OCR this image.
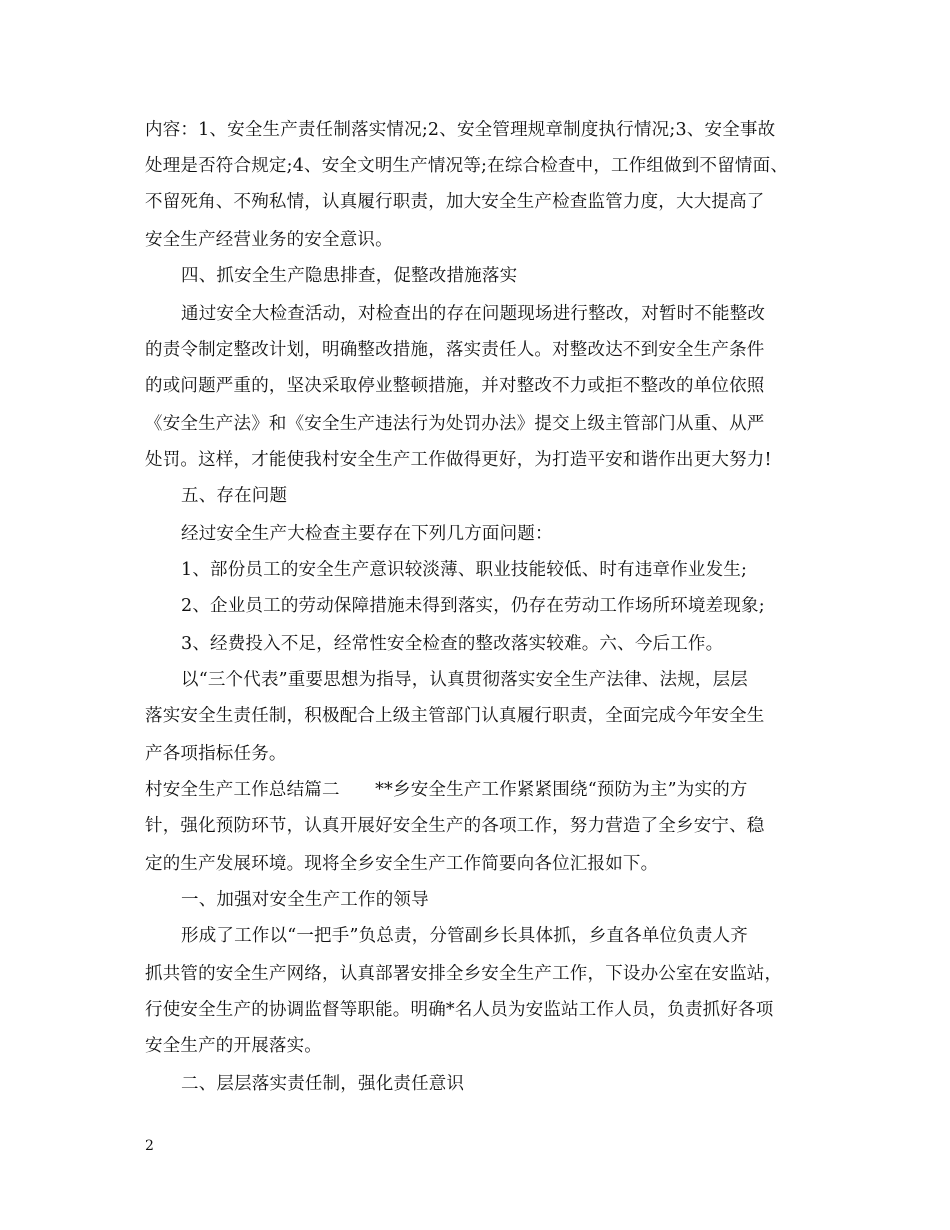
内容：1、安全生产责任制落实情况;2、安全管理规章制度执行情况;3、安全事故
处理是否符合规定;4、安全文明生产情况等;在综合检查中，工作组做到不留情面、
不留死角、不殉私情，认真履行职责，加大安全生产检查监管力度，大大提高了
安全生产经营业务的安全意识。
四、抓安全生产隐患排查，促整改措施落实
通过安全大检查活动，对检查出的存在问题现场进行整改，对暂时不能整改
的责令制定整改计划，明确整改措施，落实责任人。对整改达不到安全生产条件
的或问题严重的，坚决采取停业整顿措施，并对整改不力或拒不整改的单位依照
《安全生产法》和《安全生产违法行为处罚办法》提交上级主管部门从重、从严
处罚。这样，才能使我村安全生产工作做得更好，为打造平安和谐作出更大努力!
五、存在问题
经过安全生产大检查主要存在下列几方面问题：
1、部份员工的安全生产意识较淡薄、职业技能较低、时有违章作业发生;
2、企业员工的劳动保障措施未得到落实，仍存在劳动工作场所环境差现象;
3、经费投入不足，经常性安全检查的整改落实较难。六、今后工作。
以“三个代表”重要思想为指导，认真贯彻落实安全生产法律、法规，层层
落实安全生责任制，积极配合上级主管部门认真履行职责，全面完成今年安全生
产各项指标任务。
村安全生产工作总结篇二　　**乡安全生产工作紧紧围绕“预防为主”为实的方
针，强化预防环节，认真开展好安全生产的各项工作，努力营造了全乡安宁、稳
定的生产发展环境。现将全乡安全生产工作简要向各位汇报如下。
一、加强对安全生产工作的领导
形成了工作以“一把手”负总责，分管副乡长具体抓，乡直各单位负责人齐
抓共管的安全生产网络，认真部署安排全乡安全生产工作，下设办公室在安监站，
行使安全生产的协调监督等职能。明确*名人员为安监站工作人员，负责抓好各项
安全生产的开展落实。
二、层层落实责任制，强化责任意识
2
